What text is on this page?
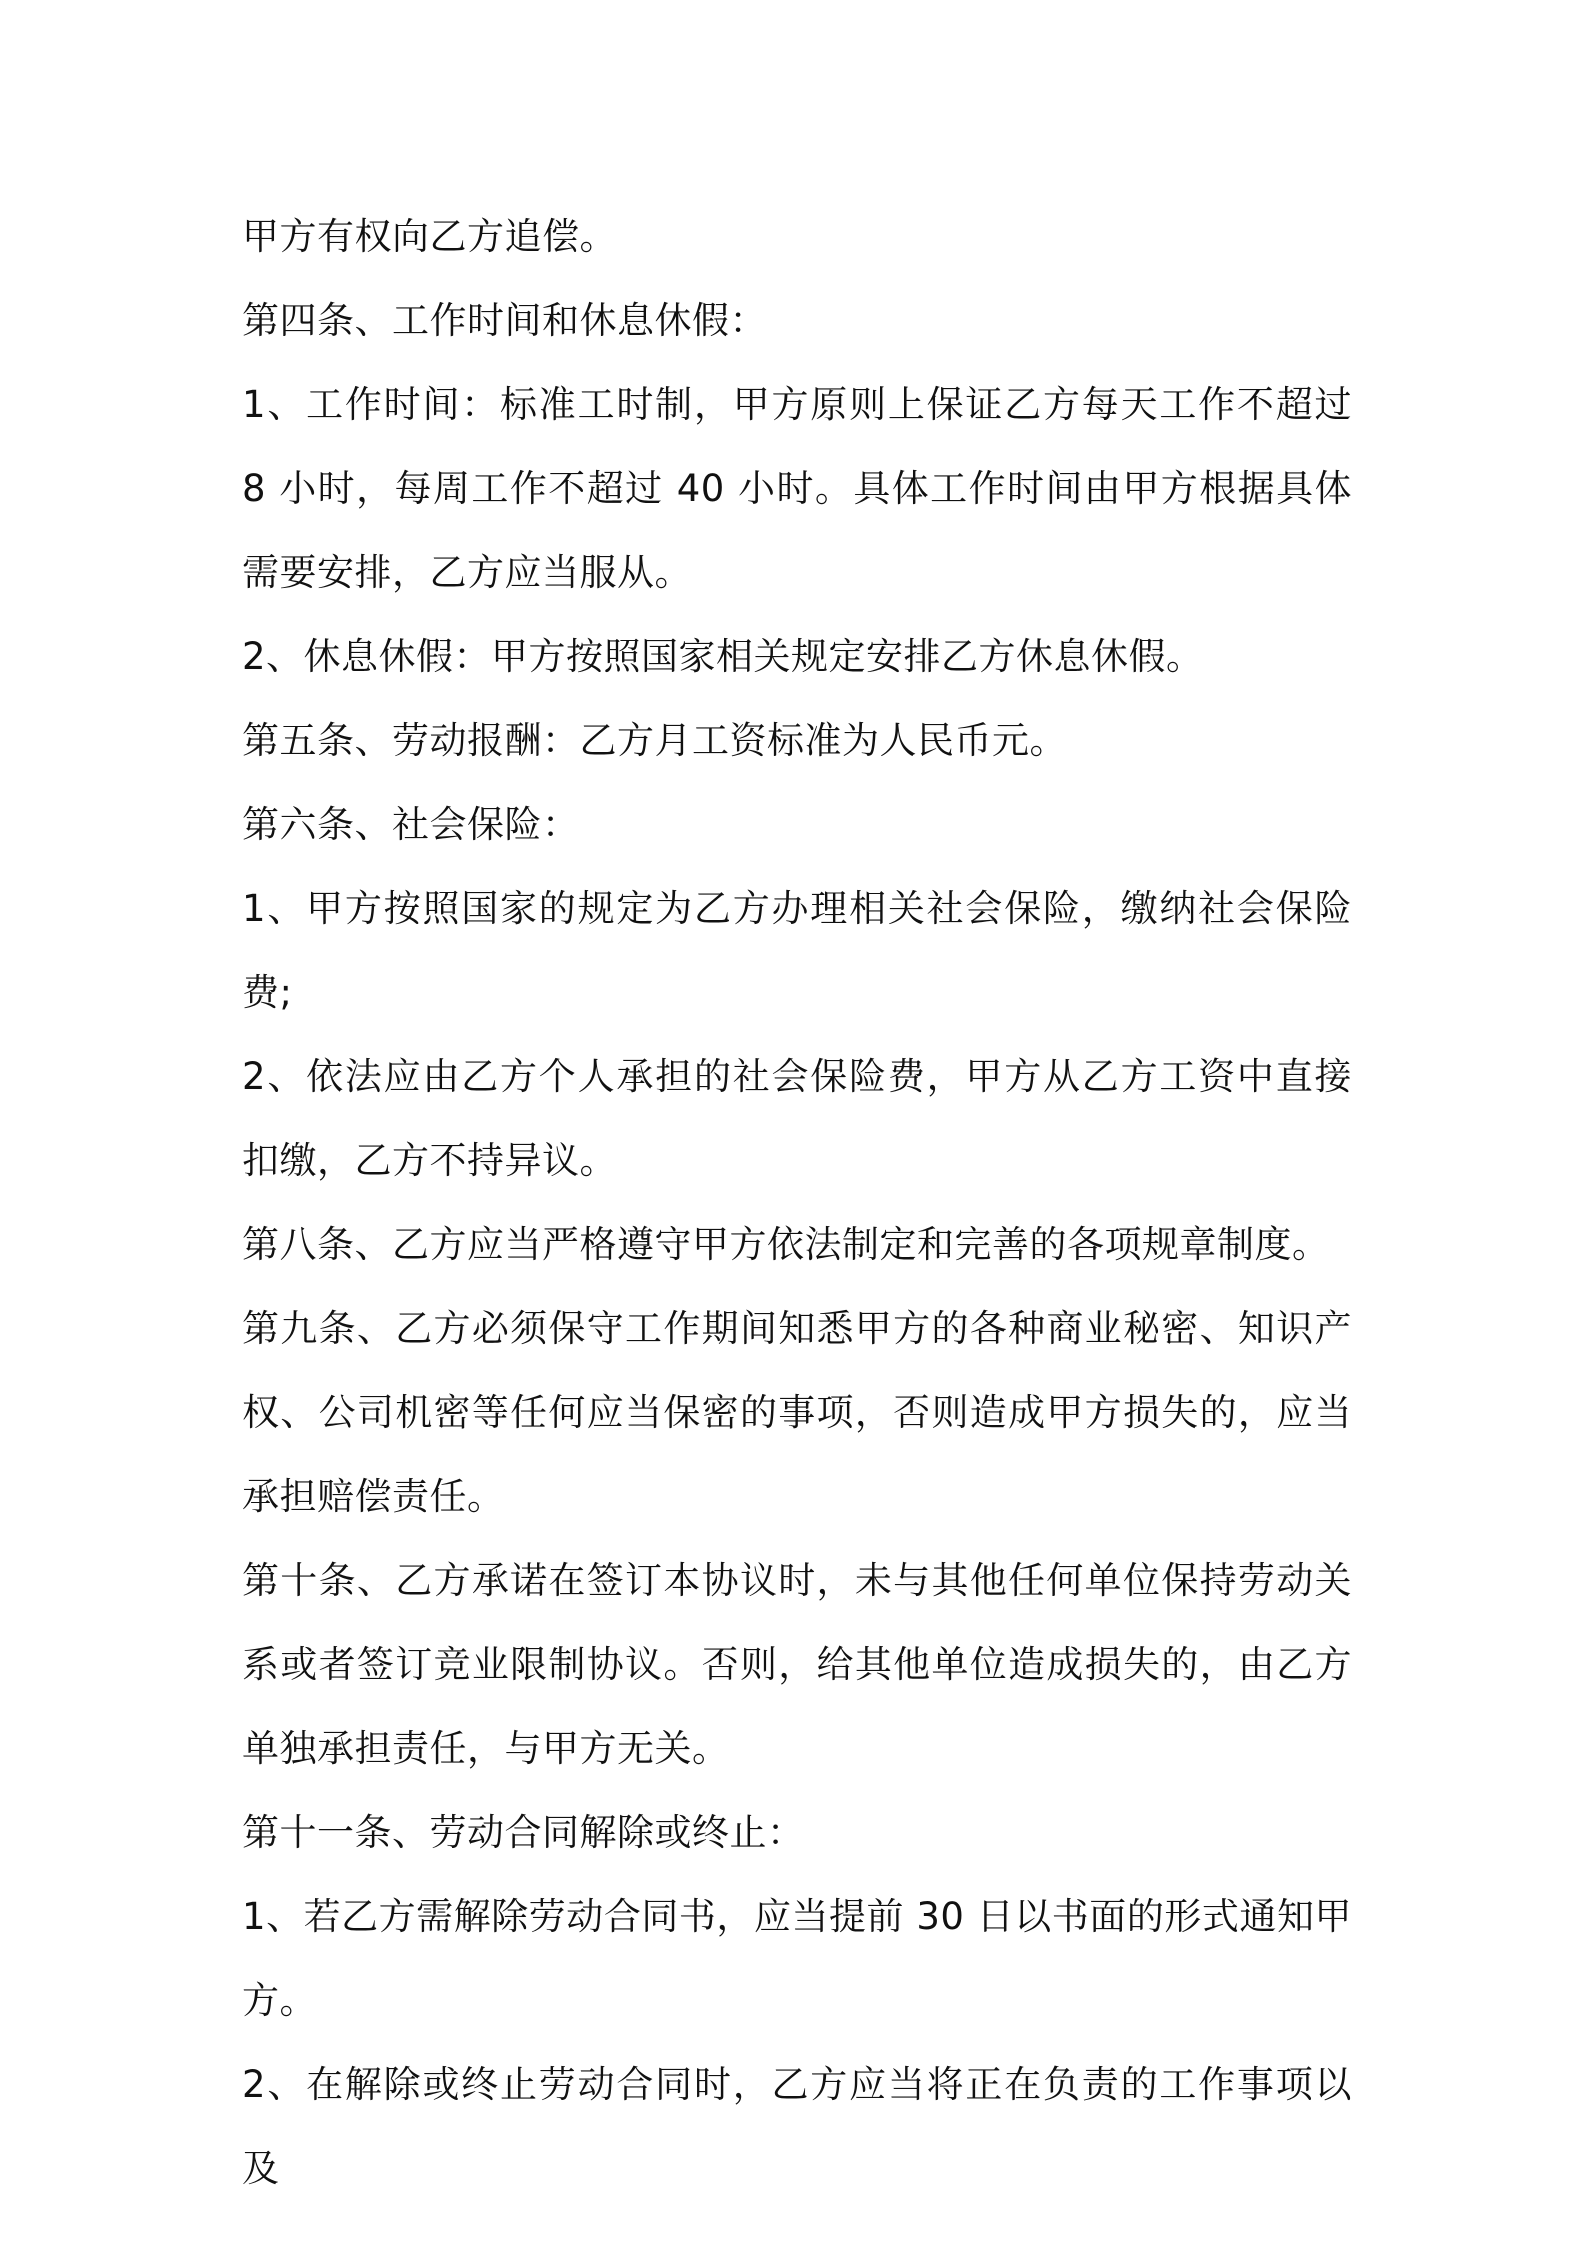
甲方有权向乙方追偿。

第四条、工作时间和休息休假：

1、工作时间：标准工时制，甲方原则上保证乙方每天工作不超过 8 小时，每周工作不超过 40 小时。具体工作时间由甲方根据具体需要安排，乙方应当服从。

2、休息休假：甲方按照国家相关规定安排乙方休息休假。

第五条、劳动报酬：乙方月工资标准为人民币元。

第六条、社会保险：

1、甲方按照国家的规定为乙方办理相关社会保险，缴纳社会保险费;

2、依法应由乙方个人承担的社会保险费，甲方从乙方工资中直接扣缴，乙方不持异议。

第八条、乙方应当严格遵守甲方依法制定和完善的各项规章制度。

第九条、乙方必须保守工作期间知悉甲方的各种商业秘密、知识产权、公司机密等任何应当保密的事项，否则造成甲方损失的，应当承担赔偿责任。

第十条、乙方承诺在签订本协议时，未与其他任何单位保持劳动关系或者签订竞业限制协议。否则，给其他单位造成损失的，由乙方单独承担责任，与甲方无关。

第十一条、劳动合同解除或终止：

1、若乙方需解除劳动合同书，应当提前 30 日以书面的形式通知甲方。

2、在解除或终止劳动合同时，乙方应当将正在负责的工作事项以及
